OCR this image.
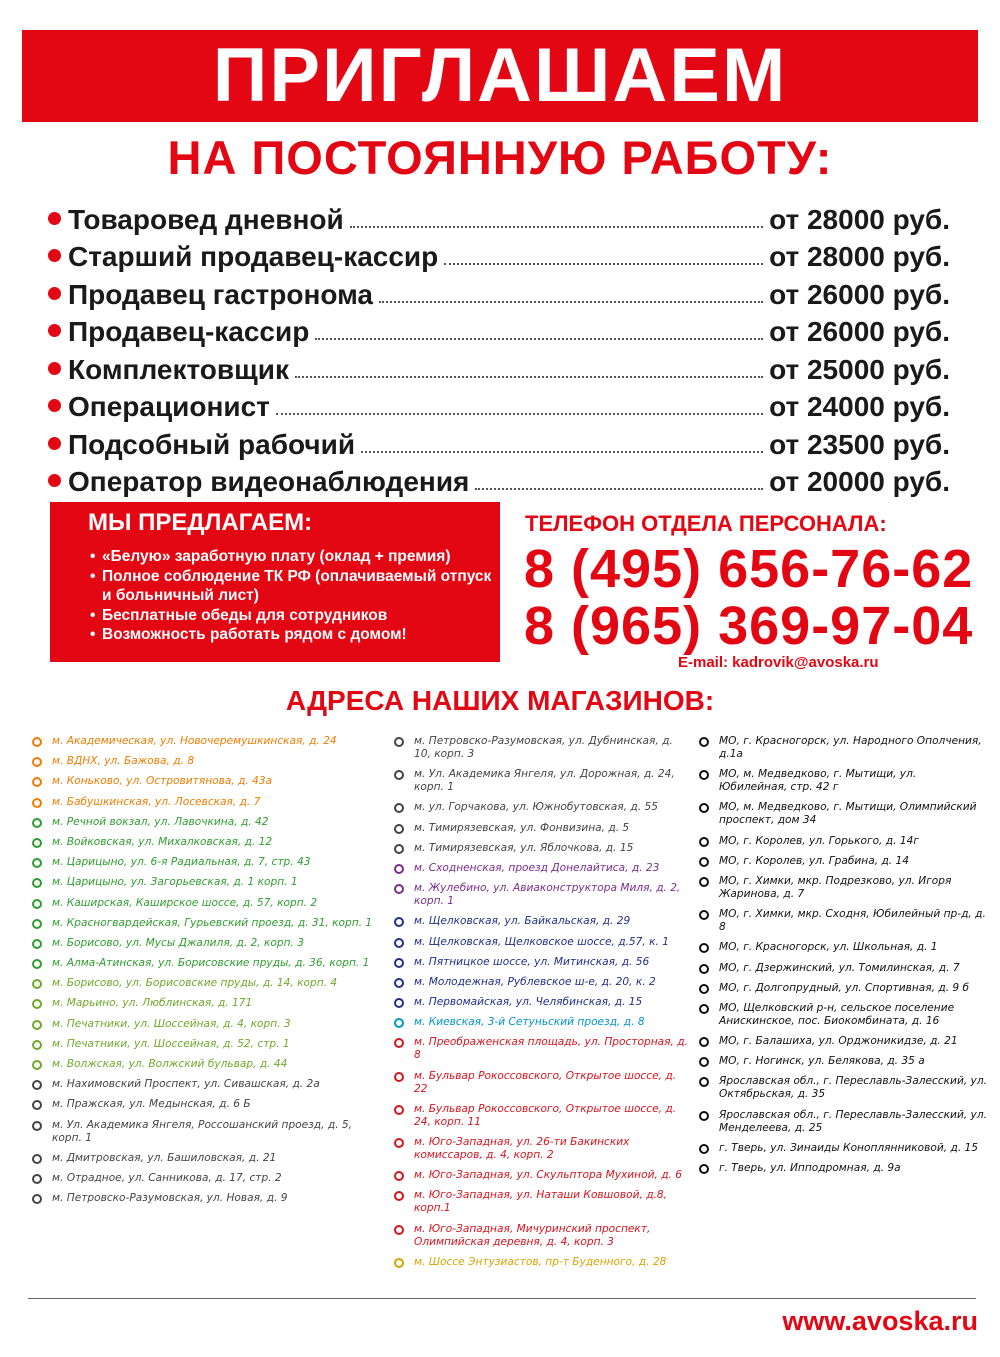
ПРИГЛАШАЕМ
НА ПОСТОЯННУЮ РАБОТУ:
Товаровед дневной	от 28000 руб.
Старший продавец-кассир	от 28000 руб.
Продавец гастронома	от 26000 руб.
Продавец-кассир	от 26000 руб.
Комплектовщик	от 25000 руб.
Операционист	от 24000 руб.
Подсобный рабочий	от 23500 руб.
Оператор видеонаблюдения	от 20000 руб.
МЫ ПРЕДЛАГАЕМ:
• «Белую» заработную плату (оклад + премия)
• Полное соблюдение ТК РФ (оплачиваемый отпуск и больничный лист)
• Бесплатные обеды для сотрудников
• Возможность работать рядом с домом!
ТЕЛЕФОН ОТДЕЛА ПЕРСОНАЛА:
8 (495) 656-76-62
8 (965) 369-97-04
E-mail: kadrovik@avoska.ru
АДРЕСА НАШИХ МАГАЗИНОВ:
м. Академическая, ул. Новочеремушкинская, д. 24
м. ВДНХ, ул. Бажова, д. 8
м. Коньково, ул. Островитянова, д. 43а
м. Бабушкинская, ул. Лосевская, д. 7
м. Речной вокзал, ул. Лавочкина, д. 42
м. Войковская, ул. Михалковская, д. 12
м. Царицыно, ул. 6-я Радиальная, д. 7, стр. 43
м. Царицыно, ул. Загорьевская, д. 1 корп. 1
м. Каширская, Каширское шоссе, д. 57, корп. 2
м. Красногвардейская, Гурьевский проезд, д. 31, корп. 1
м. Борисово, ул. Мусы Джалиля, д. 2, корп. 3
м. Алма-Атинская, ул. Борисовские пруды, д. 36, корп. 1
м. Борисово, ул. Борисовские пруды, д. 14, корп. 4
м. Марьино, ул. Люблинская, д. 171
м. Печатники, ул. Шоссейная, д. 4, корп. 3
м. Печатники, ул. Шоссейная, д. 52, стр. 1
м. Волжская, ул. Волжский бульвар, д. 44
м. Нахимовский Проспект, ул. Сивашская, д. 2а
м. Пражская, ул. Медынская, д. 6 Б
м. Ул. Академика Янгеля, Россошанский проезд, д. 5, корп. 1
м. Дмитровская, ул. Башиловская, д. 21
м. Отрадное, ул. Санникова, д. 17, стр. 2
м. Петровско-Разумовская, ул. Новая, д. 9
м. Петровско-Разумовская, ул. Дубнинская, д. 10, корп. 3
м. Ул. Академика Янгеля, ул. Дорожная, д. 24, корп. 1
м. ул. Горчакова, ул. Южнобутовская, д. 55
м. Тимирязевская, ул. Фонвизина, д. 5
м. Тимирязевская, ул. Яблочкова, д. 15
м. Сходненская, проезд Донелайтиса, д. 23
м. Жулебино, ул. Авиаконструктора Миля, д. 2, корп. 1
м. Щелковская, ул. Байкальская, д. 29
м. Щелковская, Щелковское шоссе, д.57, к. 1
м. Пятницкое шоссе, ул. Митинская, д. 56
м. Молодежная, Рублевское ш-е, д. 20, к. 2
м. Первомайская, ул. Челябинская, д. 15
м. Киевская, 3-й Сетуньский проезд, д. 8
м. Преображенская площадь, ул. Просторная, д. 8
м. Бульвар Рокоссовского, Открытое шоссе, д. 22
м. Бульвар Рокоссовского, Открытое шоссе, д. 24, корп. 11
м. Юго-Западная, ул. 26-ти Бакинских комиссаров, д. 4, корп. 2
м. Юго-Западная, ул. Скульптора Мухиной, д. 6
м. Юго-Западная, ул. Наташи Ковшовой, д.8, корп.1
м. Юго-Западная, Мичуринский проспект, Олимпийская деревня, д. 4, корп. 3
м. Шоссе Энтузиастов, пр-т Буденного, д. 28
МО, г. Красногорск, ул. Народного Ополчения, д.1а
МО, м. Медведково, г. Мытищи, ул. Юбилейная, стр. 42 г
МО, м. Медведково, г. Мытищи, Олимпийский проспект, дом 34
МО, г. Королев, ул. Горького, д. 14г
МО, г. Королев, ул. Грабина, д. 14
МО, г. Химки, мкр. Подрезково, ул. Игоря Жаринова, д. 7
МО, г. Химки, мкр. Сходня, Юбилейный пр-д, д. 8
МО, г. Красногорск, ул. Школьная, д. 1
МО, г. Дзержинский, ул. Томилинская, д. 7
МО, г. Долгопрудный, ул. Спортивная, д. 9 б
МО, Щелковский р-н, сельское поселение Анискинское, пос. Биокомбината, д. 16
МО, г. Балашиха, ул. Орджоникидзе, д. 21
МО, г. Ногинск, ул. Белякова, д. 35 а
Ярославская обл., г. Переславль-Залесский, ул. Октябрьская, д. 35
Ярославская обл., г. Переславль-Залесский, ул. Менделеева, д. 25
г. Тверь, ул. Зинаиды Коноплянниковой, д. 15
г. Тверь, ул. Ипподромная, д. 9а
www.avoska.ru
